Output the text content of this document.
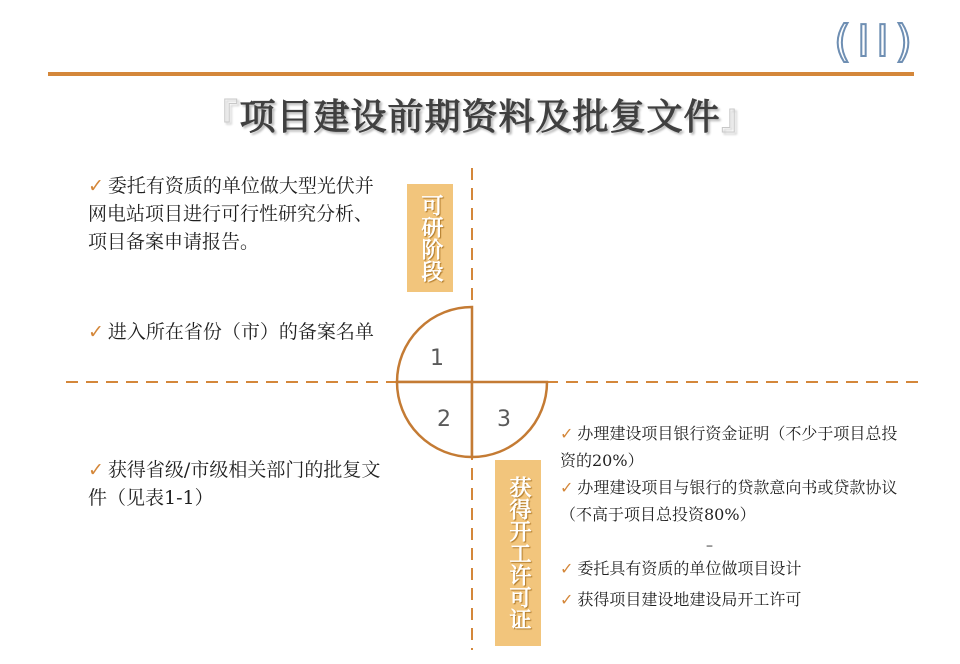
(II)
『项目建设前期资料及批复文件』
1
2 3
可研阶段
获得开工许可证
✓ 委托有资质的单位做大型光伏并网电站项目进行可行性研究分析、项目备案申请报告。
✓ 进入所在省份（市）的备案名单
✓ 获得省级/市级相关部门的批复文件（见表1-1）
✓ 办理建设项目银行资金证明（不少于项目总投资的20%）
✓ 办理建设项目与银行的贷款意向书或贷款协议（不高于项目总投资80%）
–
✓ 委托具有资质的单位做项目设计
✓ 获得项目建设地建设局开工许可
